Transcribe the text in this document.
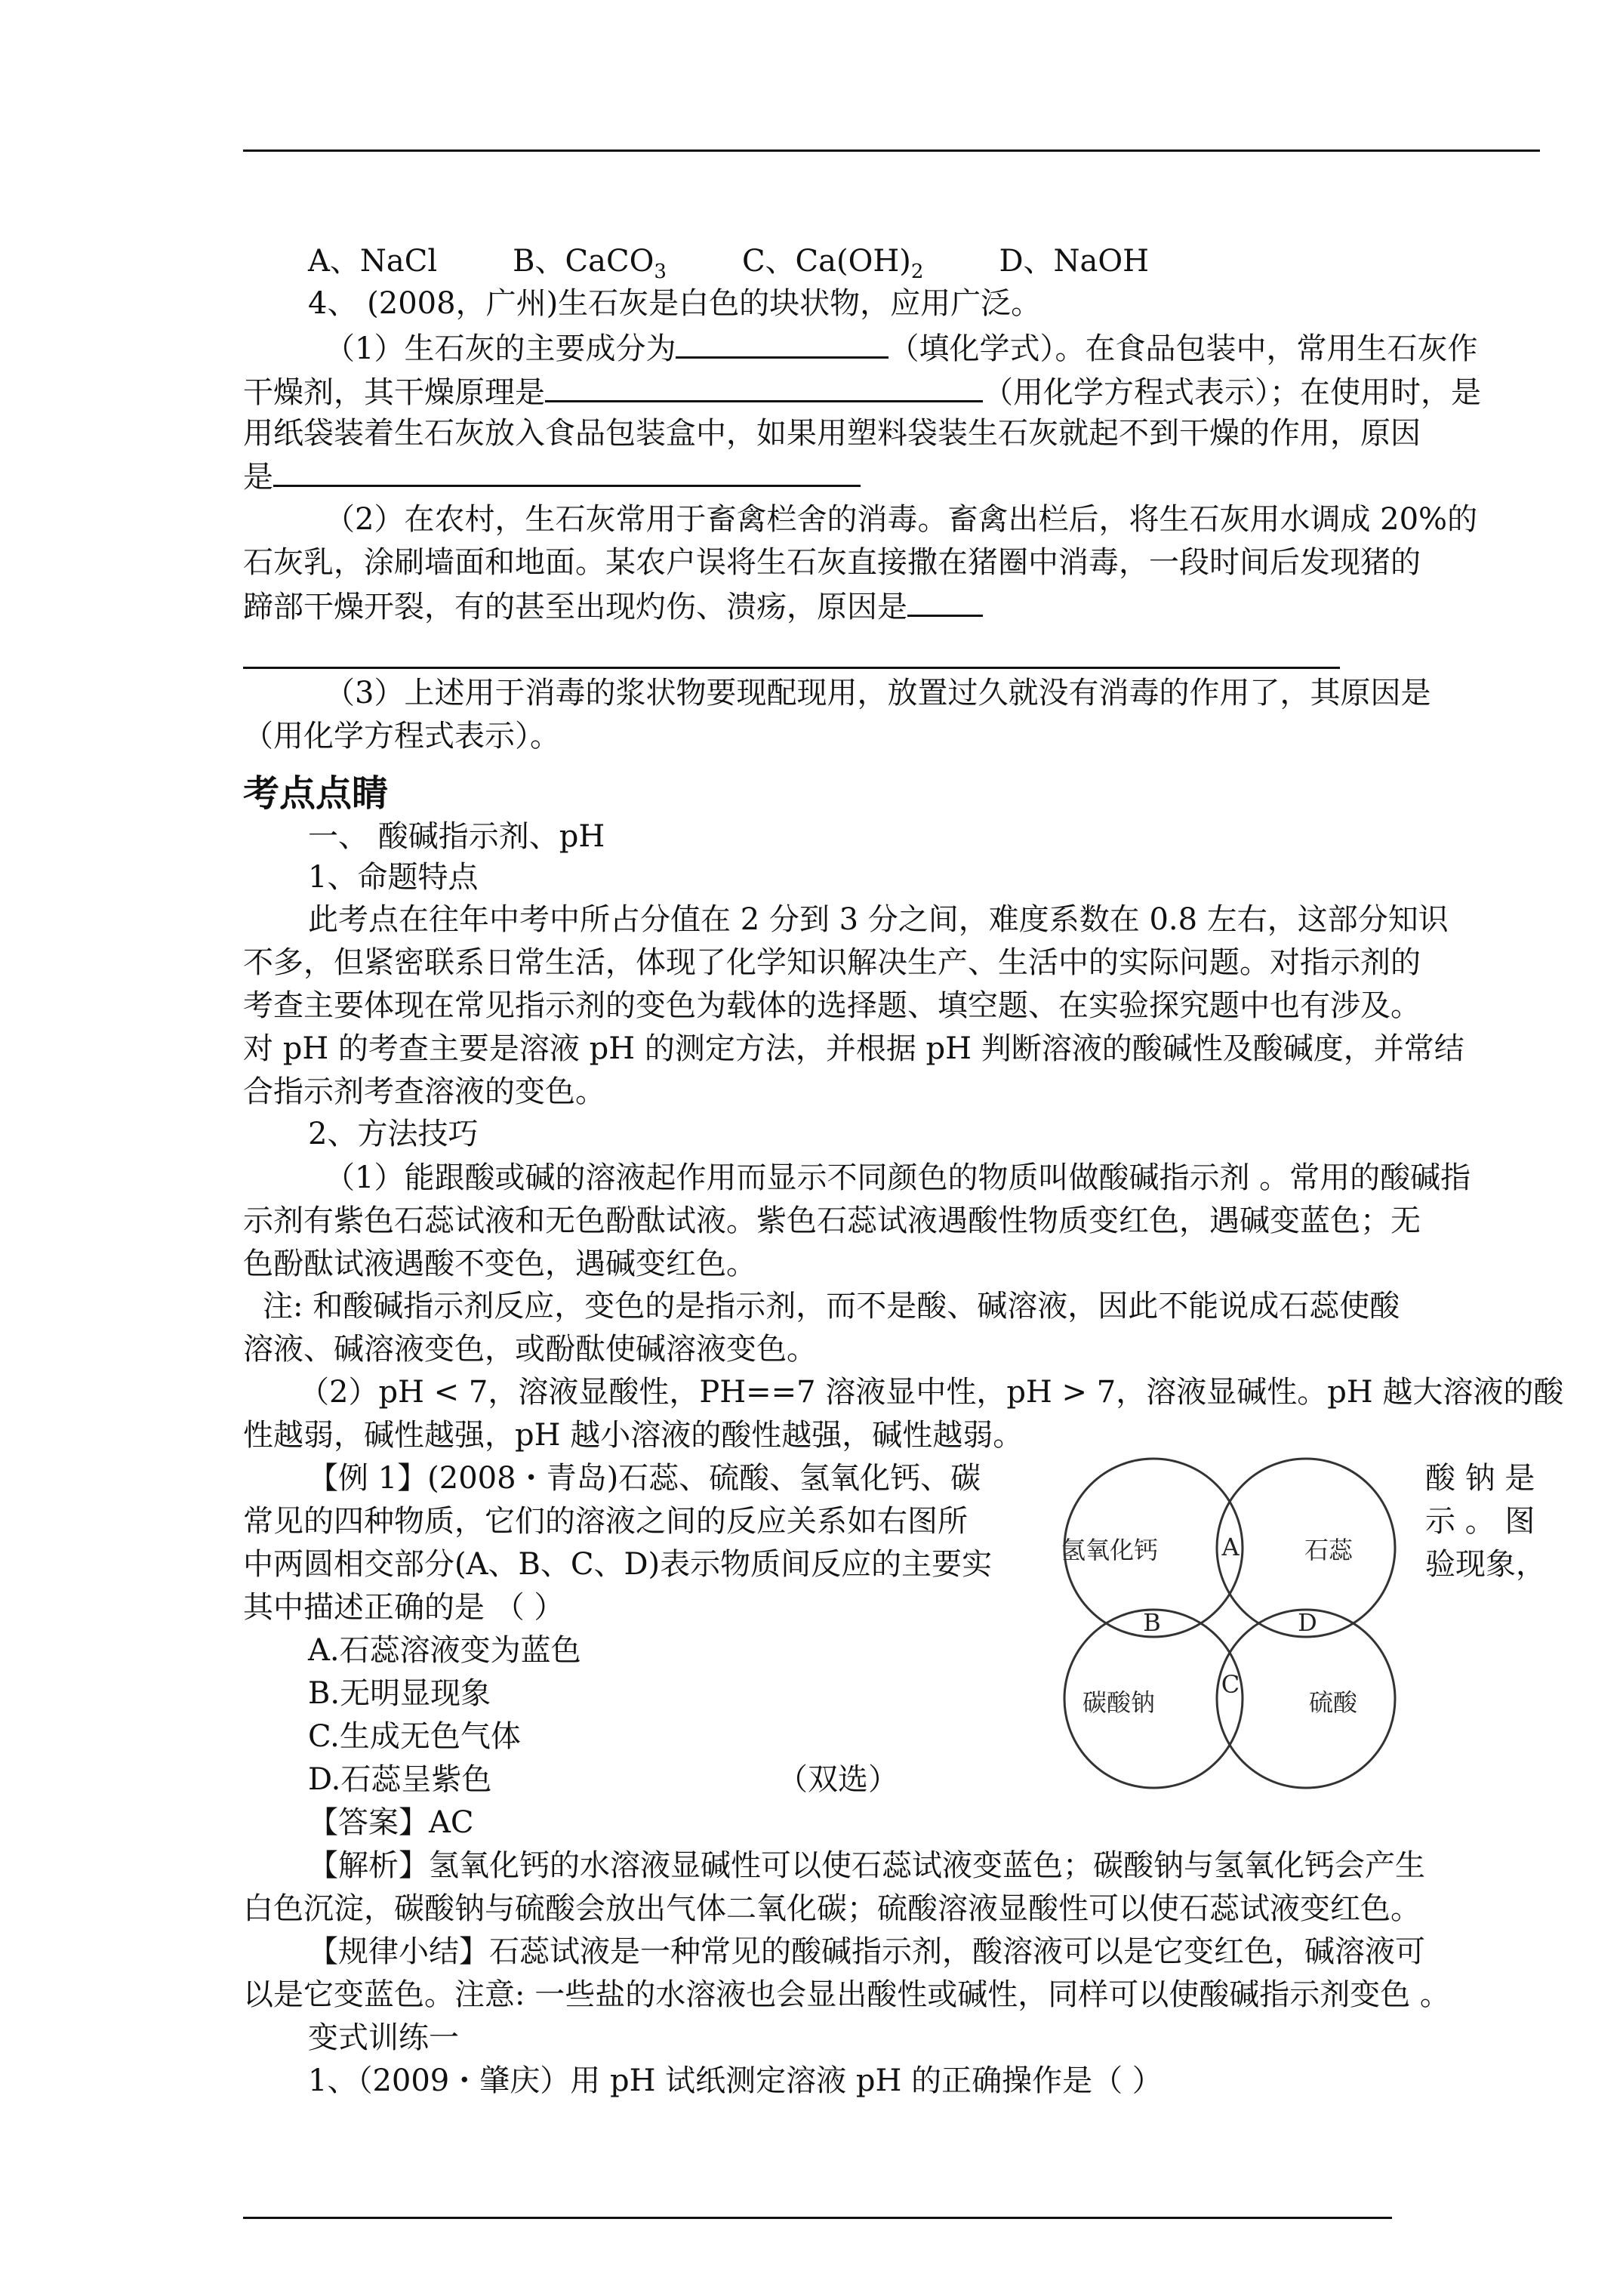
A、NaCl	B、CaCO$_3$	C、$Ca(OH)_2$	D、NaOH
4、 (2008，广州)生石灰是白色的块状物，应用广泛。
（1）生石灰的主要成分为	（填化学式）。在食品包装中，常用生石灰作
干燥剂，其干燥原理是	（用化学方程式表示）；在使用时，是
用纸袋装着生石灰放入食品包装盒中，如果用塑料袋装生石灰就起不到干燥的作用，原因
是
（2）在农村，生石灰常用于畜禽栏舍的消毒。畜禽出栏后，将生石灰用水调成 20%的
石灰乳，涂刷墙面和地面。某农户误将生石灰直接撒在猪圈中消毒，一段时间后发现猪的
蹄部干燥开裂，有的甚至出现灼伤、溃疡，原因是
（3）上述用于消毒的浆状物要现配现用，放置过久就没有消毒的作用了，其原因是
（用化学方程式表示）。
考点点睛
一、 酸碱指示剂、pH
1、命题特点
此考点在往年中考中所占分值在 2 分到 3 分之间，难度系数在 0.8 左右，这部分知识
不多，但紧密联系日常生活，体现了化学知识解决生产、生活中的实际问题。对指示剂的
考查主要体现在常见指示剂的变色为载体的选择题、填空题、在实验探究题中也有涉及。
对 pH 的考查主要是溶液 pH 的测定方法，并根据 pH 判断溶液的酸碱性及酸碱度，并常结
合指示剂考查溶液的变色。
2、方法技巧
（1）能跟酸或碱的溶液起作用而显示不同颜色的物质叫做酸碱指示剂 。常用的酸碱指
示剂有紫色石蕊试液和无色酚酞试液。紫色石蕊试液遇酸性物质变红色，遇碱变蓝色；无
色酚酞试液遇酸不变色，遇碱变红色。
注: 和酸碱指示剂反应，变色的是指示剂，而不是酸、碱溶液，因此不能说成石蕊使酸
溶液、碱溶液变色，或酚酞使碱溶液变色。
（2）pH < 7，溶液显酸性，PH==7 溶液显中性，pH > 7，溶液显碱性。pH 越大溶液的酸
性越弱，碱性越强，pH 越小溶液的酸性越强，碱性越弱。
【例 1】(2008・青岛)石蕊、硫酸、氢氧化钙、碳	酸 钠 是
常见的四种物质，它们的溶液之间的反应关系如右图所	示 。 图
中两圆相交部分(A、B、C、D)表示物质间反应的主要实	验现象，
其中描述正确的是 （ ）
A.石蕊溶液变为蓝色
B.无明显现象
C.生成无色气体
D.石蕊呈紫色	（双选）
【答案】AC
【解析】氢氧化钙的水溶液显碱性可以使石蕊试液变蓝色；碳酸钠与氢氧化钙会产生
白色沉淀，碳酸钠与硫酸会放出气体二氧化碳；硫酸溶液显酸性可以使石蕊试液变红色。
【规律小结】石蕊试液是一种常见的酸碱指示剂，酸溶液可以是它变红色，碱溶液可
以是它变蓝色。注意: 一些盐的水溶液也会显出酸性或碱性，同样可以使酸碱指示剂变色 。
变式训练一
1、（2009・肇庆）用 pH 试纸测定溶液 pH 的正确操作是（ ）
氢氧化钙	石蕊
碳酸钠	硫酸
A
B
C
D
